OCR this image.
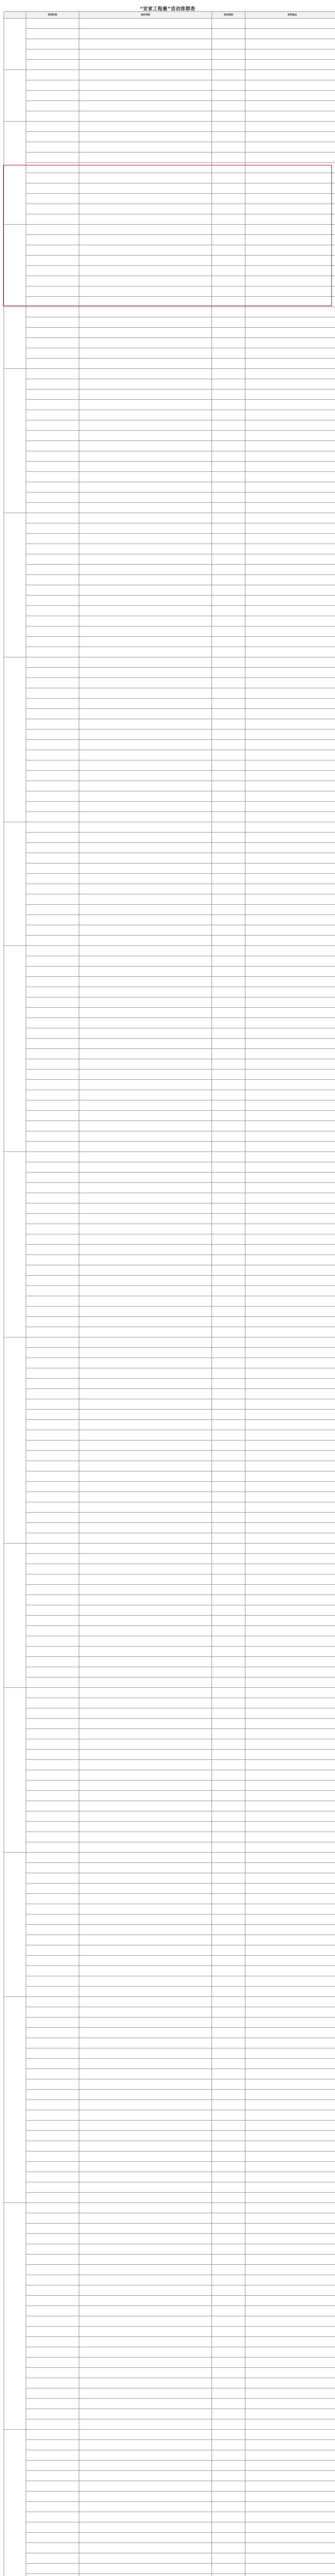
“安家工程惠”活动排期表
	活动时间	活动名称	活动类别	活动地点
